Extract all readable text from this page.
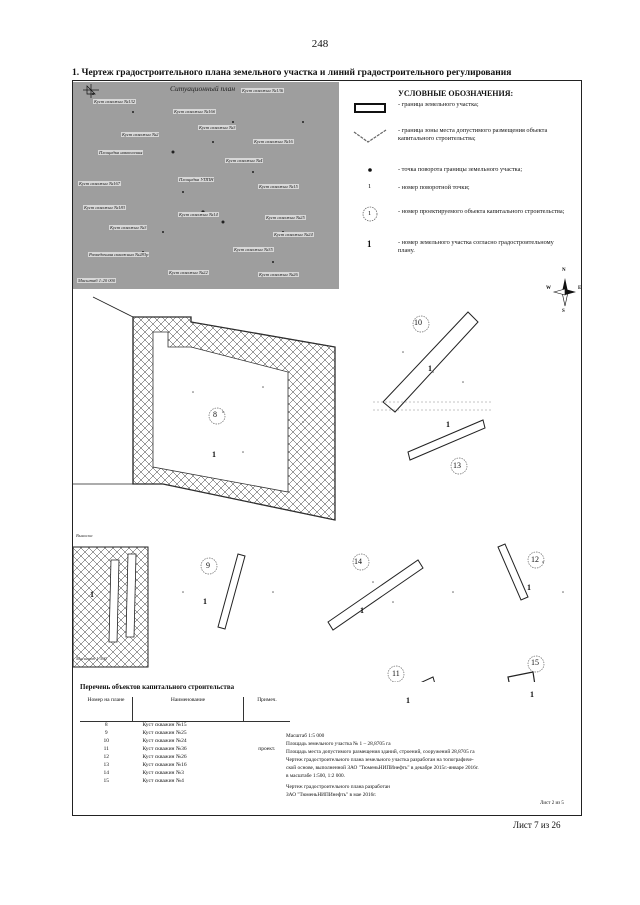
248
1. Чертеж градостроительного плана земельного участка и линий градостроительного регулирования
Куст скважин №136
Куст скважин №132
Куст скважин №16б
Куст скважин №2
Куст скважин №3
Куст скважин №16
Площадка накопления
Куст скважин №4
Площадка УППН
Куст скважин №167
Куст скважин №15
Куст скважин №183
Куст скважин №14
Куст скважин №25
Куст скважин №3
Куст скважин №24
Разведочная скважина №283р
Куст скважин №35
Куст скважин №22	Куст скважин №26
Масштаб 1:20 000
Ситуационный план
УСЛОВНЫЕ ОБОЗНАЧЕНИЯ:
1
1
1
- граница земельного участка;
- граница зоны места допустимого размещения объекта капитального строительства;
- точка поворота границы земельного участка;
- номер поворотной точки;
- номер проектируемого объекта капитального строительства;
- номер земельного участка согласно градостроительному плану.
N
S
W	E
8
10
13
9	14	12
11
15
1
1
1
1
1
1
1
1
1
Масштаб 1:500
Выноска
Перечень объектов капитального строительства
Номер на плане	Наименование	Примеч.
8	Куст скважин №15	
9	Куст скважин №25	
10	Куст скважин №24	
11	Куст скважин №36	проект.
12	Куст скважин №26	
13	Куст скважин №16	
14	Куст скважин №3	
15	Куст скважин №4	
Масштаб 1:5 000
Площадь земельного участка № 1 – 28,8705 га
Площадь места допустимого размещения зданий, строений, сооружений 28,8705 га
Чертеж градостроительного плана земельного участка разработан на топографиче-
ской основе, выполненной ЗАО "ТюменьНИПИнефть" в декабре 2015г.-январе 2016г.
в масштабе 1:500, 1:2 000.
Чертеж градостроительного плана разработан
ЗАО "ТюменьНИПИнефть" в мае 2016г.
Лист 2 из 5
Лист 7 из 26
